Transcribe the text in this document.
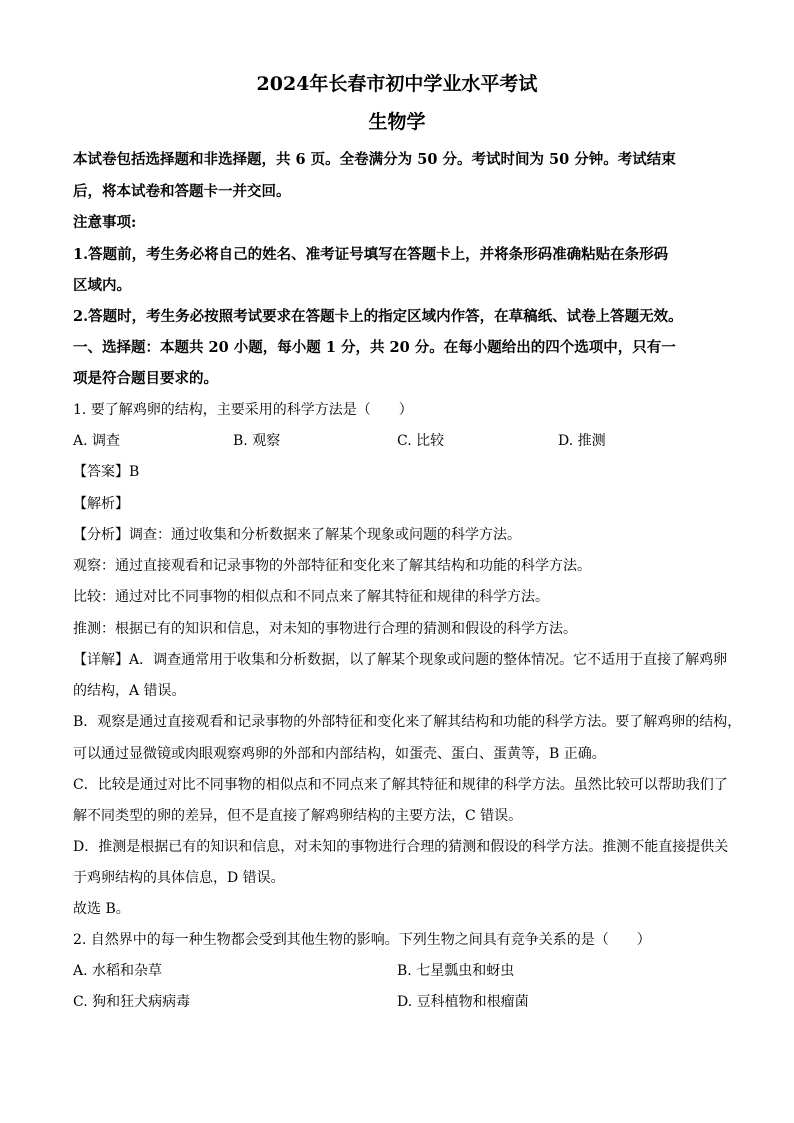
2024年长春市初中学业水平考试
生物学
本试卷包括选择题和非选择题，共 6 页。全卷满分为 50 分。考试时间为 50 分钟。考试结束
后，将本试卷和答题卡一并交回。
注意事项:
1.答题前，考生务必将自己的姓名、准考证号填写在答题卡上，并将条形码准确粘贴在条形码
区域内。
2.答题时，考生务必按照考试要求在答题卡上的指定区域内作答，在草稿纸、试卷上答题无效。
一、选择题：本题共 20 小题，每小题 1 分，共 20 分。在每小题给出的四个选项中，只有一
项是符合题目要求的。
1. 要了解鸡卵的结构，主要采用的科学方法是（　　）
A. 调查	B. 观察	C. 比较	D. 推测
【答案】B
【解析】
【分析】调查：通过收集和分析数据来了解某个现象或问题的科学方法。
观察：通过直接观看和记录事物的外部特征和变化来了解其结构和功能的科学方法。
比较：通过对比不同事物的相似点和不同点来了解其特征和规律的科学方法。
推测：根据已有的知识和信息，对未知的事物进行合理的猜测和假设的科学方法。
【详解】A．调查通常用于收集和分析数据，以了解某个现象或问题的整体情况。它不适用于直接了解鸡卵
的结构，A 错误。
B．观察是通过直接观看和记录事物的外部特征和变化来了解其结构和功能的科学方法。要了解鸡卵的结构，
可以通过显微镜或肉眼观察鸡卵的外部和内部结构，如蛋壳、蛋白、蛋黄等，B 正确。
C．比较是通过对比不同事物的相似点和不同点来了解其特征和规律的科学方法。虽然比较可以帮助我们了
解不同类型的卵的差异，但不是直接了解鸡卵结构的主要方法，C 错误。
D．推测是根据已有的知识和信息，对未知的事物进行合理的猜测和假设的科学方法。推测不能直接提供关
于鸡卵结构的具体信息，D 错误。
故选 B。
2. 自然界中的每一种生物都会受到其他生物的影响。下列生物之间具有竞争关系的是（　　）
A. 水稻和杂草	B. 七星瓢虫和蚜虫
C. 狗和狂犬病病毒	D. 豆科植物和根瘤菌
